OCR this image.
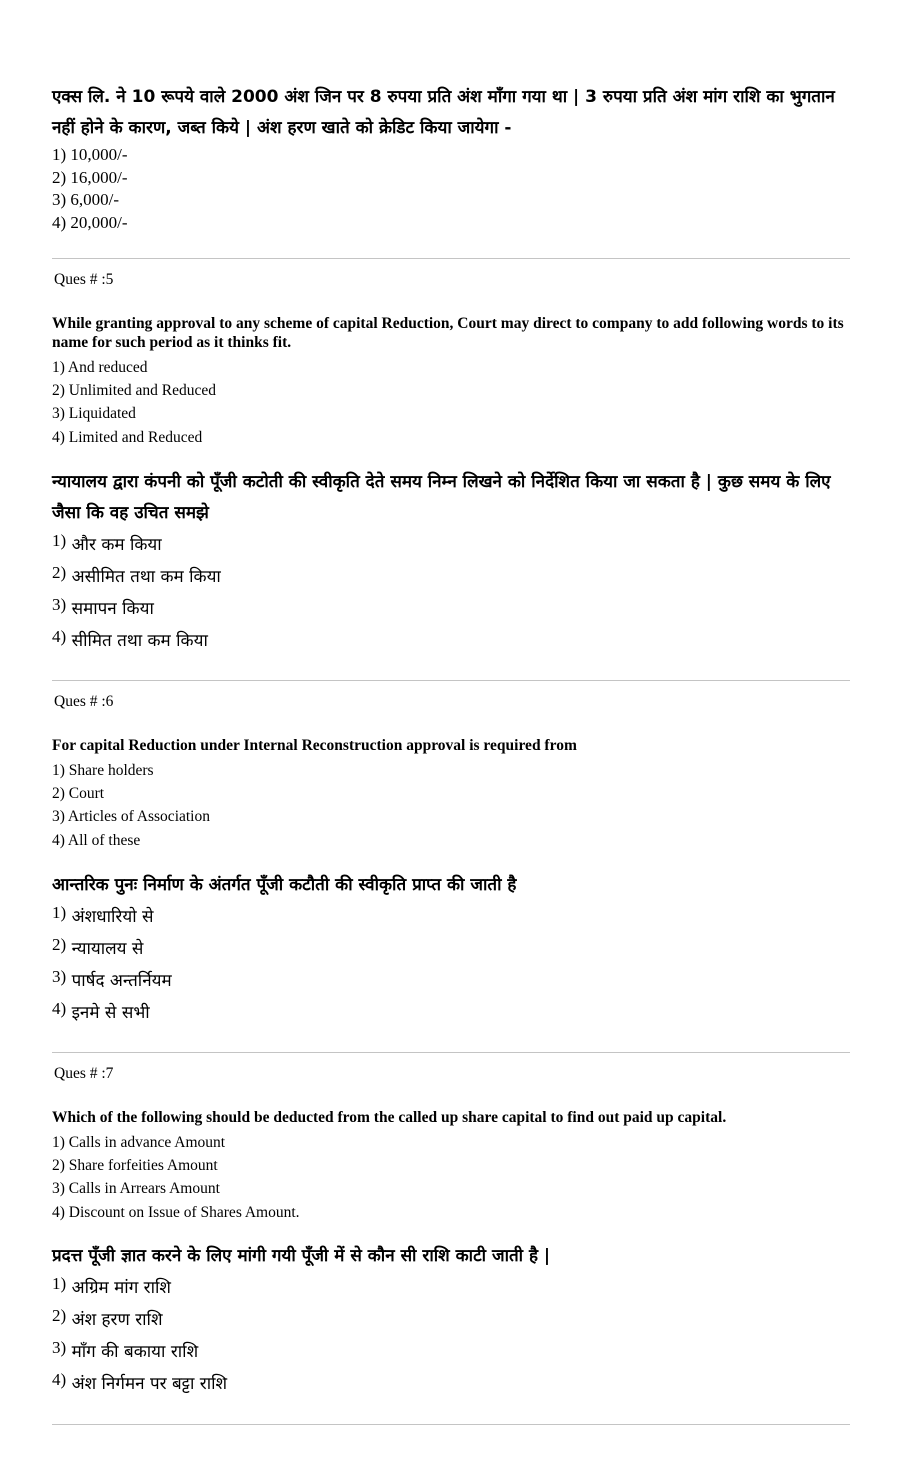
एक्स लि. ने 10 रूपये वाले 2000 अंश जिन पर 8 रुपया प्रति अंश माँगा गया था | 3 रुपया प्रति अंश मांग राशि का भुगतान नहीं होने के कारण, जब्त किये | अंश हरण खाते को क्रेडिट किया जायेगा -

1) 10,000/-
2) 16,000/-
3) 6,000/-
4) 20,000/-
Ques # :5

While granting approval to any scheme of capital Reduction, Court may direct to company to add following words to its name for such period as it thinks fit.

1) And reduced
2) Unlimited and Reduced
3) Liquidated
4) Limited and Reduced

न्यायालय द्वारा कंपनी को पूँजी कटोती की स्वीकृति देते समय निम्न लिखने को निर्देशित किया जा सकता है | कुछ समय के लिए जैसा कि वह उचित समझे

1) और कम किया
2) असीमित तथा कम किया
3) समापन किया
4) सीमित तथा कम किया
Ques # :6

For capital Reduction under Internal Reconstruction approval is required from

1) Share holders
2) Court
3) Articles of Association
4) All of these

आन्तरिक पुनः निर्माण के अंतर्गत पूँजी कटौती की स्वीकृति प्राप्त की जाती है

1) अंशधारियो से
2) न्यायालय से
3) पार्षद अन्तर्नियम
4) इनमे से सभी
Ques # :7

Which of the following should be deducted from the called up share capital to find out paid up capital.

1) Calls in advance Amount
2) Share forfeities Amount
3) Calls in Arrears Amount
4) Discount on Issue of Shares Amount.

प्रदत्त पूँजी ज्ञात करने के लिए मांगी गयी पूँजी में से कौन सी राशि काटी जाती है |

1) अग्रिम मांग राशि
2) अंश हरण राशि
3) माँग की बकाया राशि
4) अंश निर्गमन पर बट्टा राशि
